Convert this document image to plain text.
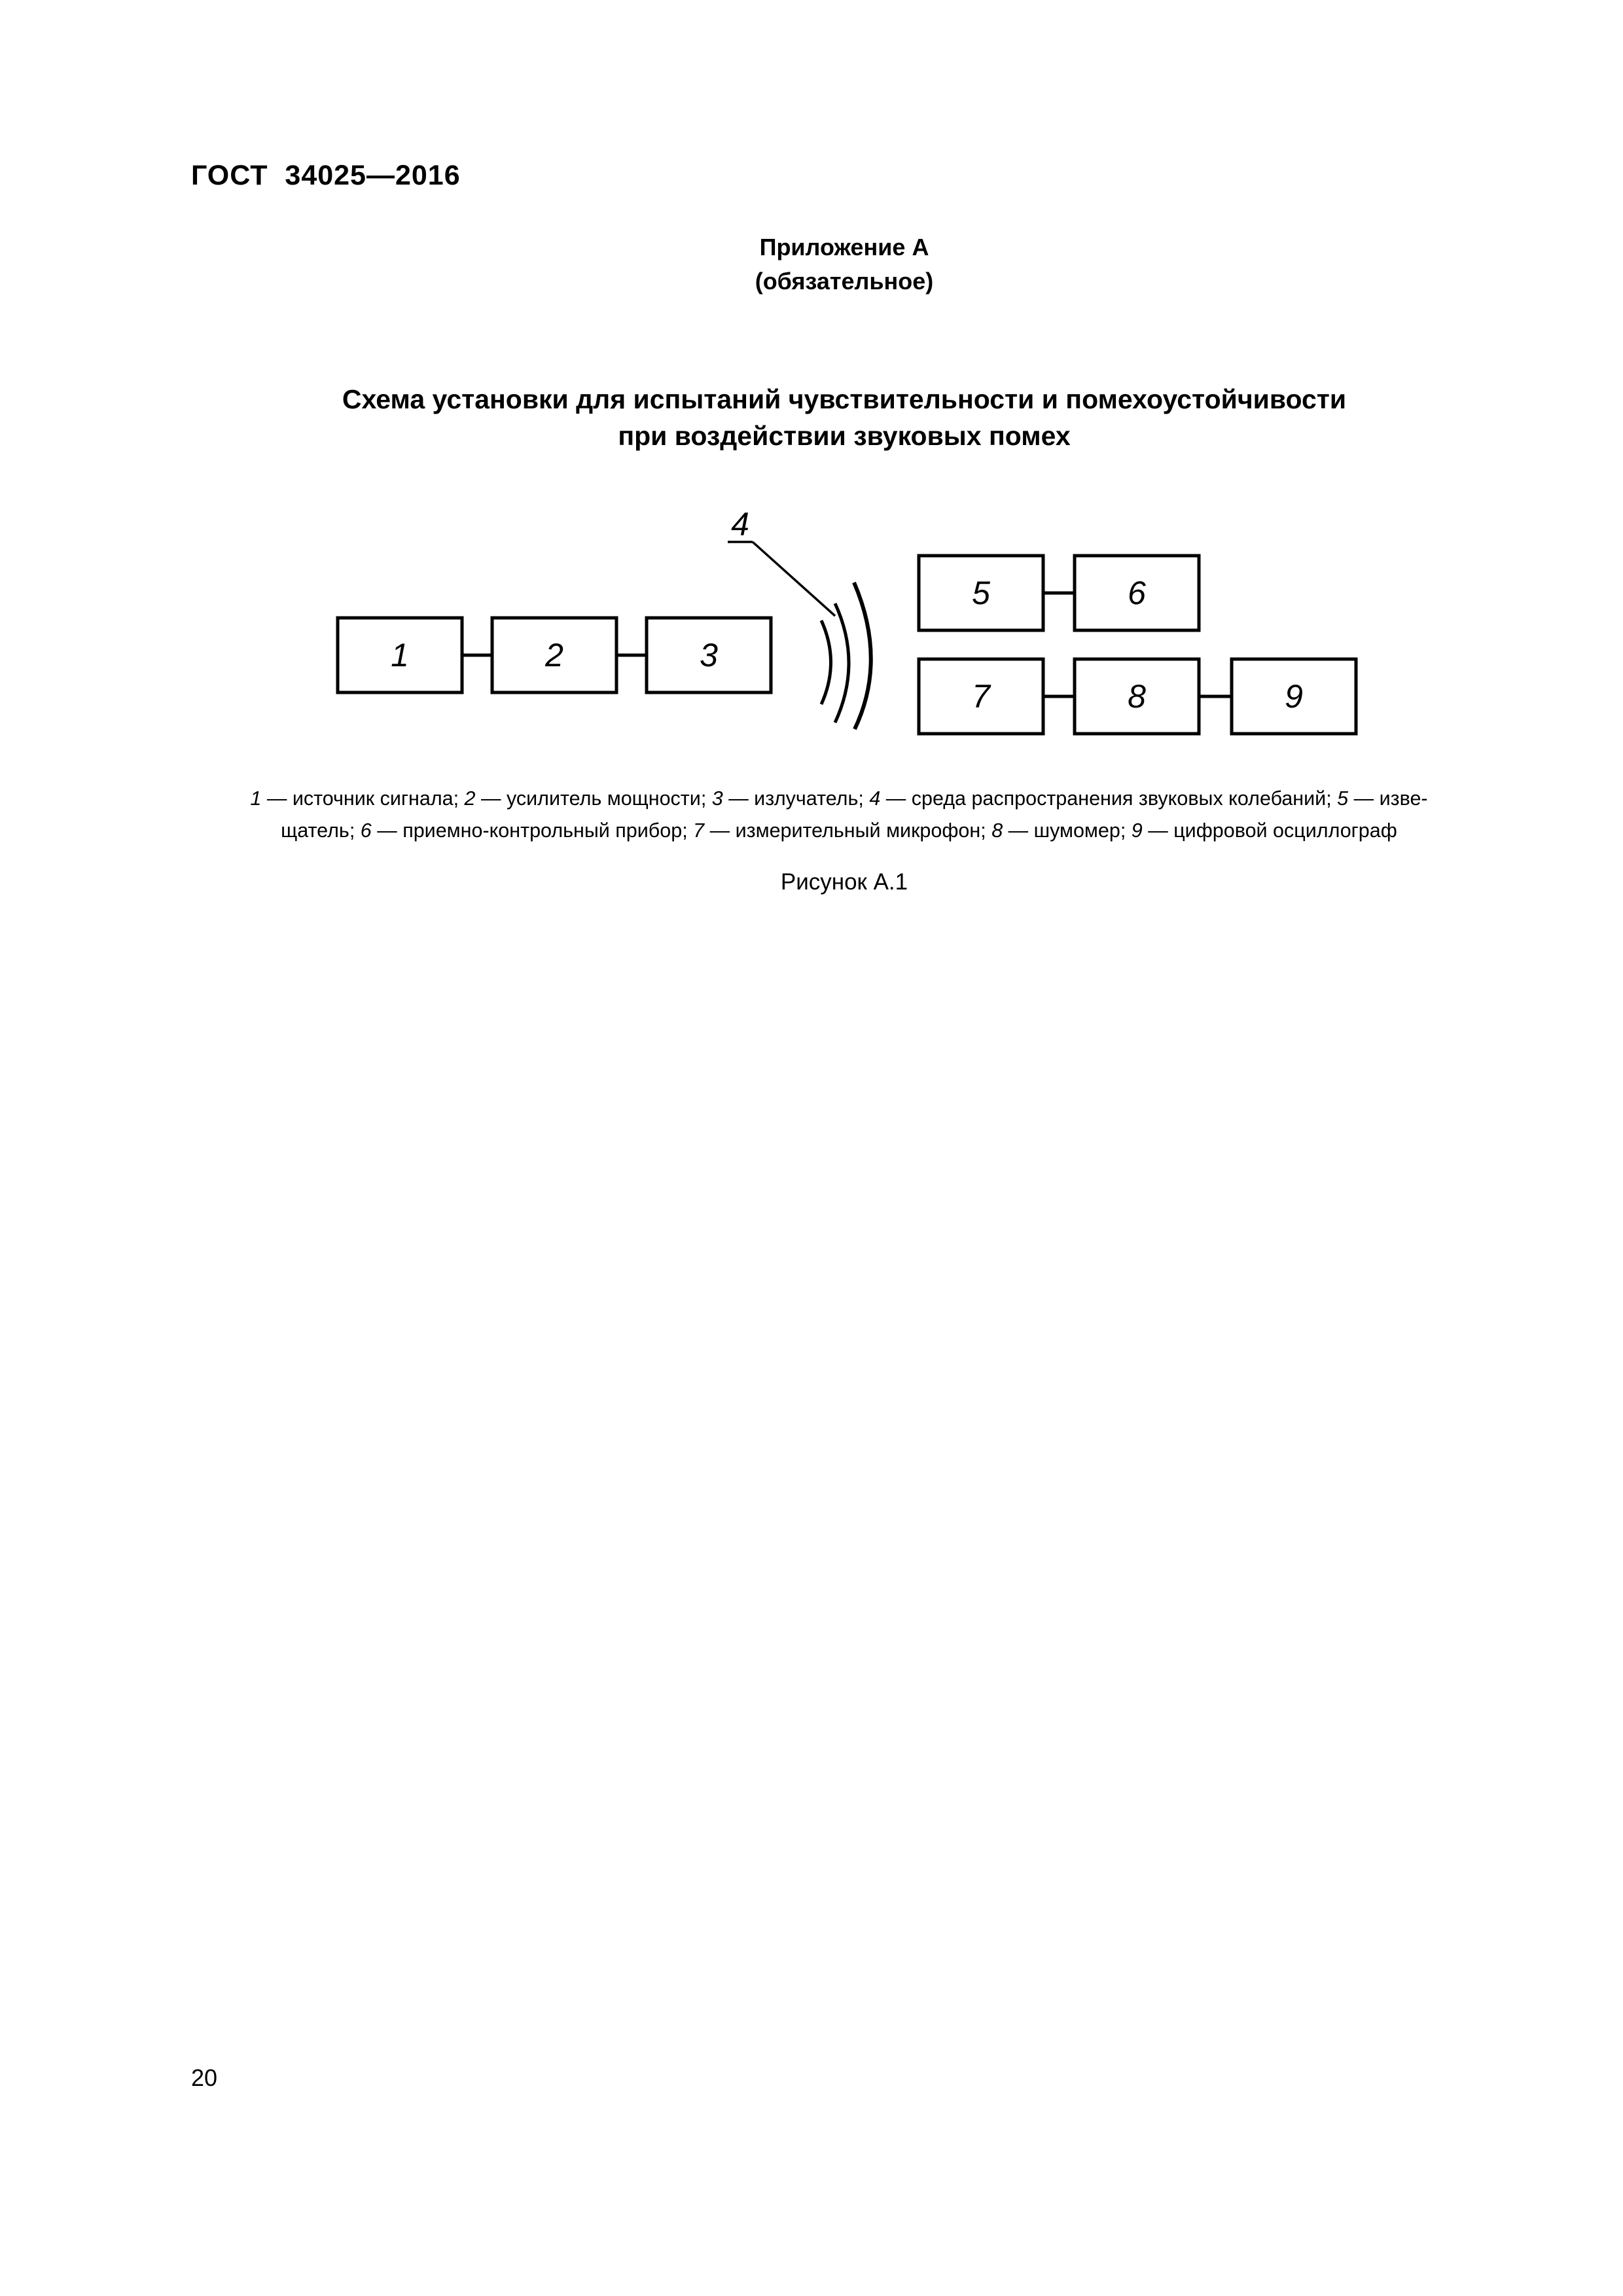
ГОСТ  34025—2016
Приложение А
(обязательное)
Схема установки для испытаний чувствительности и помехоустойчивости
при воздействии звуковых помех
1	2	3
5	6
7	8	9
4
1 — источник сигнала; 2 — усилитель мощности; 3 — излучатель; 4 — среда распространения звуковых колебаний; 5 — изве-
щатель; 6 — приемно-контрольный прибор; 7 — измерительный микрофон; 8 — шумомер; 9 — цифровой осциллограф
Рисунок А.1
20
